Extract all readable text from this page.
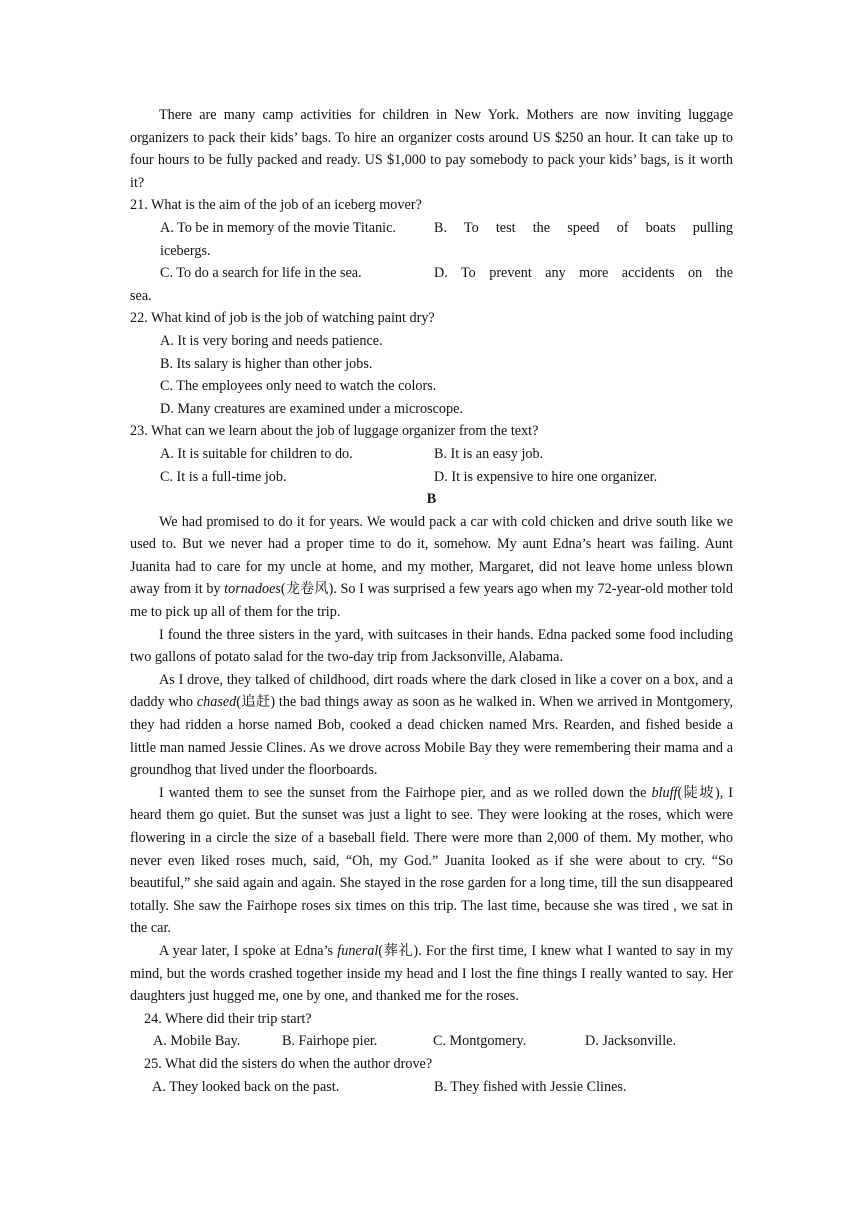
There are many camp activities for children in New York. Mothers are now inviting luggage organizers to pack their kids’ bags. To hire an organizer costs around US $250 an hour. It can take up to four hours to be fully packed and ready. US $1,000 to pay somebody to pack your kids’ bags, is it worth it?

21. What is the aim of the job of an iceberg mover?

A. To be in memory of the movie Titanic.	B. To test the speed of boats pulling
icebergs.
C. To do a search for life in the sea.	D. To prevent any more accidents on the
sea.

22. What kind of job is the job of watching paint dry?

A. It is very boring and needs patience.
B. Its salary is higher than other jobs.
C. The employees only need to watch the colors.
D. Many creatures are examined under a microscope.

23. What can we learn about the job of luggage organizer from the text?

A. It is suitable for children to do.	B. It is an easy job.
C. It is a full-time job.	D. It is expensive to hire one organizer.
B

We had promised to do it for years. We would pack a car with cold chicken and drive south like we used to. But we never had a proper time to do it, somehow. My aunt Edna’s heart was failing. Aunt Juanita had to care for my uncle at home, and my mother, Margaret, did not leave home unless blown away from it by tornadoes(龙卷风). So I was surprised a few years ago when my 72-year-old mother told me to pick up all of them for the trip.

I found the three sisters in the yard, with suitcases in their hands. Edna packed some food including two gallons of potato salad for the two-day trip from Jacksonville, Alabama.

As I drove, they talked of childhood, dirt roads where the dark closed in like a cover on a box, and a daddy who chased(追赶) the bad things away as soon as he walked in. When we arrived in Montgomery, they had ridden a horse named Bob, cooked a dead chicken named Mrs. Rearden, and fished beside a little man named Jessie Clines. As we drove across Mobile Bay they were remembering their mama and a groundhog that lived under the floorboards.

I wanted them to see the sunset from the Fairhope pier, and as we rolled down the bluff(陡坡), I heard them go quiet. But the sunset was just a light to see. They were looking at the roses, which were flowering in a circle the size of a baseball field. There were more than 2,000 of them. My mother, who never even liked roses much, said, “Oh, my God.” Juanita looked as if she were about to cry. “So beautiful,” she said again and again. She stayed in the rose garden for a long time, till the sun disappeared totally. She saw the Fairhope roses six times on this trip. The last time, because she was tired , we sat in the car.

A year later, I spoke at Edna’s funeral(葬礼). For the first time, I knew what I wanted to say in my mind, but the words crashed together inside my head and I lost the fine things I really wanted to say. Her daughters just hugged me, one by one, and thanked me for the roses.

24. Where did their trip start?

A. Mobile Bay.	B. Fairhope pier.	C. Montgomery.	D. Jacksonville.

25. What did the sisters do when the author drove?

A. They looked back on the past.	B. They fished with Jessie Clines.
